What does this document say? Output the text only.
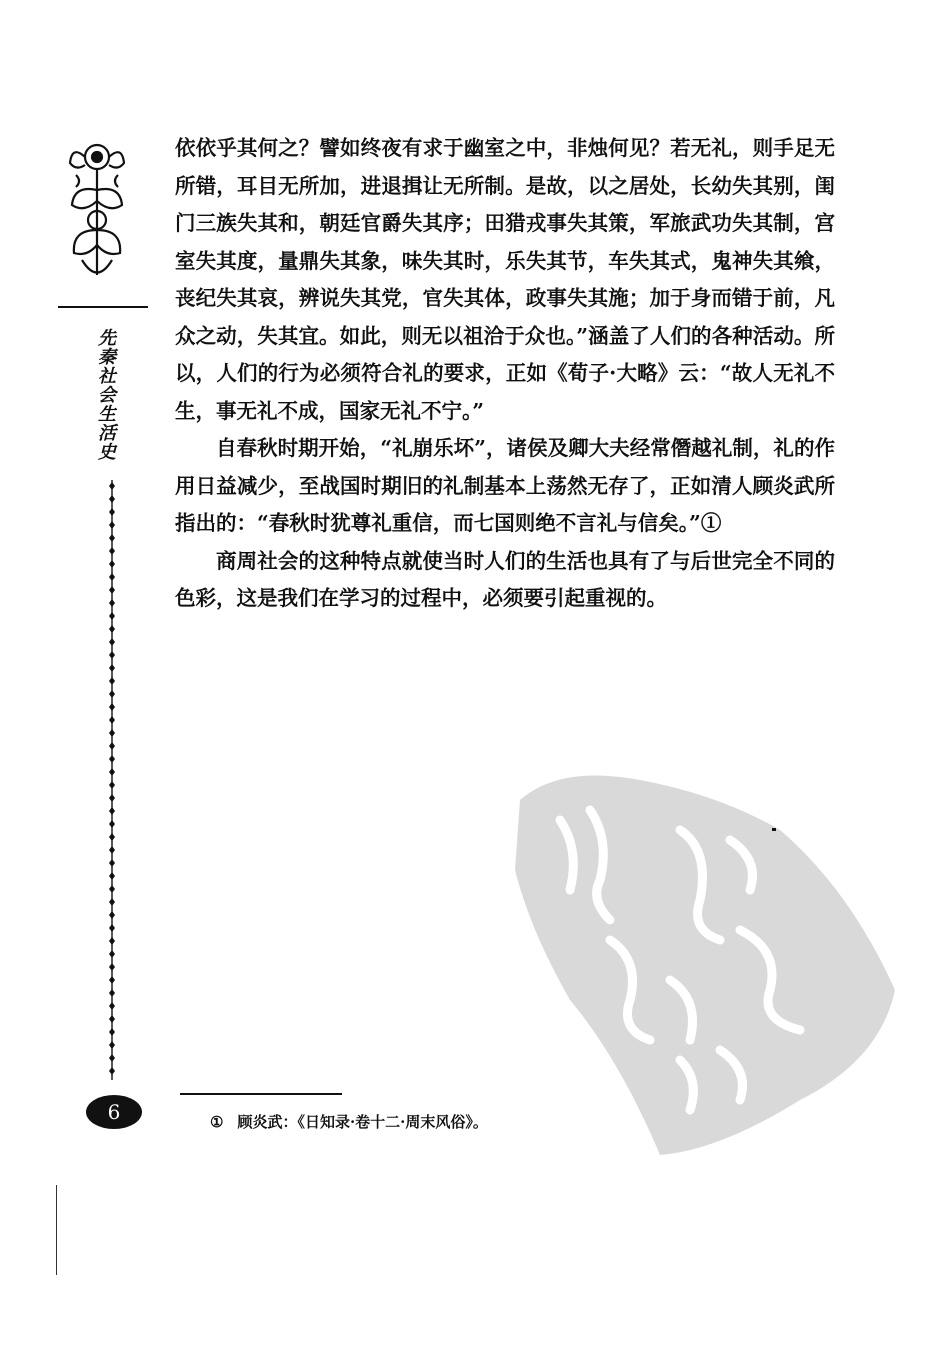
先秦社会生活史
6

依依乎其何之？譬如终夜有求于幽室之中，非烛何见？若无礼，则手足无所错，耳目无所加，进退揖让无所制。是故，以之居处，长幼失其别，闺门三族失其和，朝廷官爵失其序；田猎戎事失其策，军旅武功失其制，宫室失其度，量鼎失其象，味失其时，乐失其节，车失其式，鬼神失其飨，丧纪失其哀，辨说失其党，官失其体，政事失其施；加于身而错于前，凡众之动，失其宜。如此，则无以祖洽于众也。”涵盖了人们的各种活动。所以，人们的行为必须符合礼的要求，正如《荀子·大略》云：“故人无礼不生，事无礼不成，国家无礼不宁。”

自春秋时期开始，“礼崩乐坏”，诸侯及卿大夫经常僭越礼制，礼的作用日益减少，至战国时期旧的礼制基本上荡然无存了，正如清人顾炎武所指出的：“春秋时犹尊礼重信，而七国则绝不言礼与信矣。”①

商周社会的这种特点就使当时人们的生活也具有了与后世完全不同的色彩，这是我们在学习的过程中，必须要引起重视的。

① 顾炎武：《日知录·卷十二·周末风俗》。
